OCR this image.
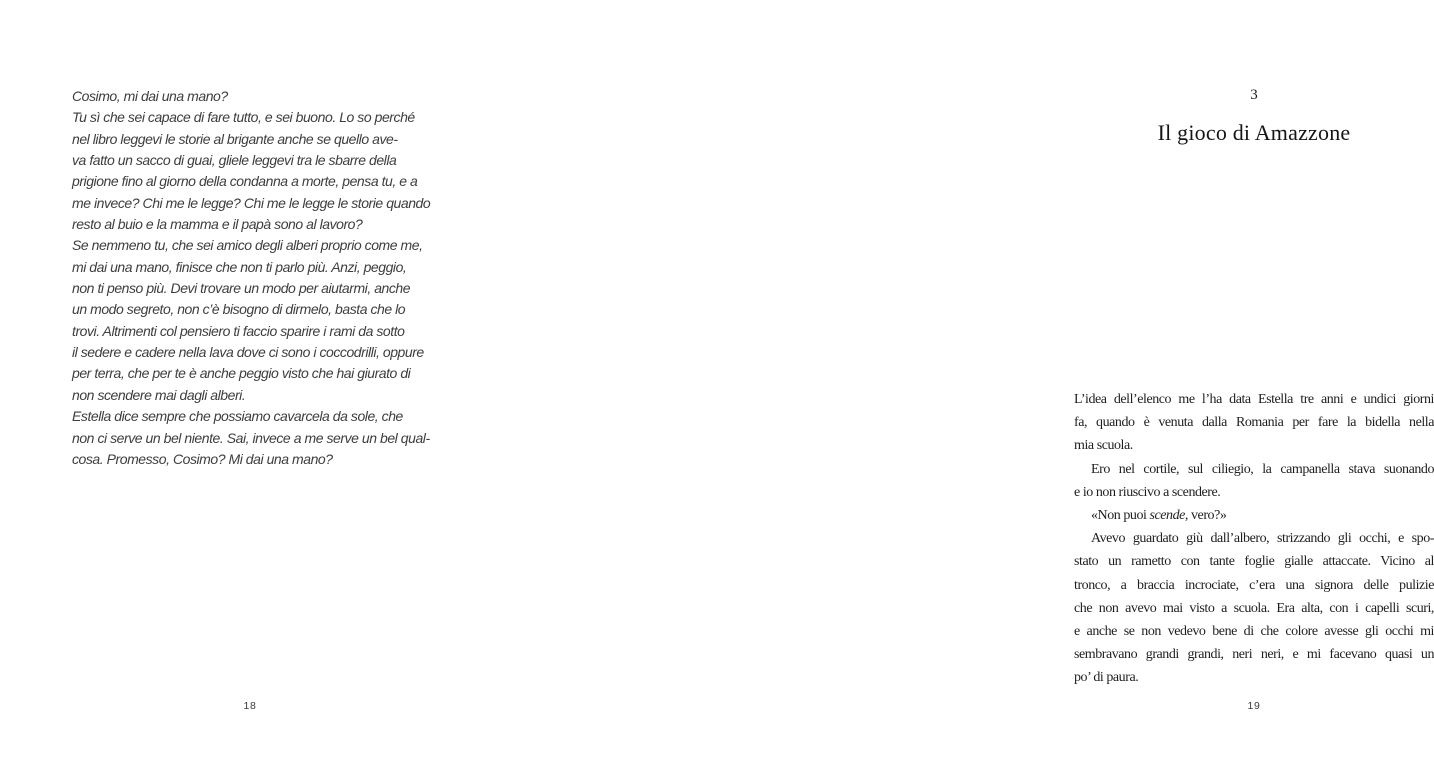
Cosimo, mi dai una mano?
Tu sì che sei capace di fare tutto, e sei buono. Lo so perché
nel libro leggevi le storie al brigante anche se quello ave-
va fatto un sacco di guai, gliele leggevi tra le sbarre della
prigione fino al giorno della condanna a morte, pensa tu, e a
me invece? Chi me le legge? Chi me le legge le storie quando
resto al buio e la mamma e il papà sono al lavoro?
Se nemmeno tu, che sei amico degli alberi proprio come me,
mi dai una mano, finisce che non ti parlo più. Anzi, peggio,
non ti penso più. Devi trovare un modo per aiutarmi, anche
un modo segreto, non c’è bisogno di dirmelo, basta che lo
trovi. Altrimenti col pensiero ti faccio sparire i rami da sotto
il sedere e cadere nella lava dove ci sono i coccodrilli, oppure
per terra, che per te è anche peggio visto che hai giurato di
non scendere mai dagli alberi.
Estella dice sempre che possiamo cavarcela da sole, che
non ci serve un bel niente. Sai, invece a me serve un bel qual-
cosa. Promesso, Cosimo? Mi dai una mano?
18
3
Il gioco di Amazzone
L’idea dell’elenco me l’ha data Estella tre anni e undici giorni
fa, quando è venuta dalla Romania per fare la bidella nella
mia scuola.
Ero nel cortile, sul ciliegio, la campanella stava suonando
e io non riuscivo a scendere.
«Non puoi scende, vero?»
Avevo guardato giù dall’albero, strizzando gli occhi, e spo-
stato un rametto con tante foglie gialle attaccate. Vicino al
tronco, a braccia incrociate, c’era una signora delle pulizie
che non avevo mai visto a scuola. Era alta, con i capelli scuri,
e anche se non vedevo bene di che colore avesse gli occhi mi
sembravano grandi grandi, neri neri, e mi facevano quasi un
po’ di paura.
19
